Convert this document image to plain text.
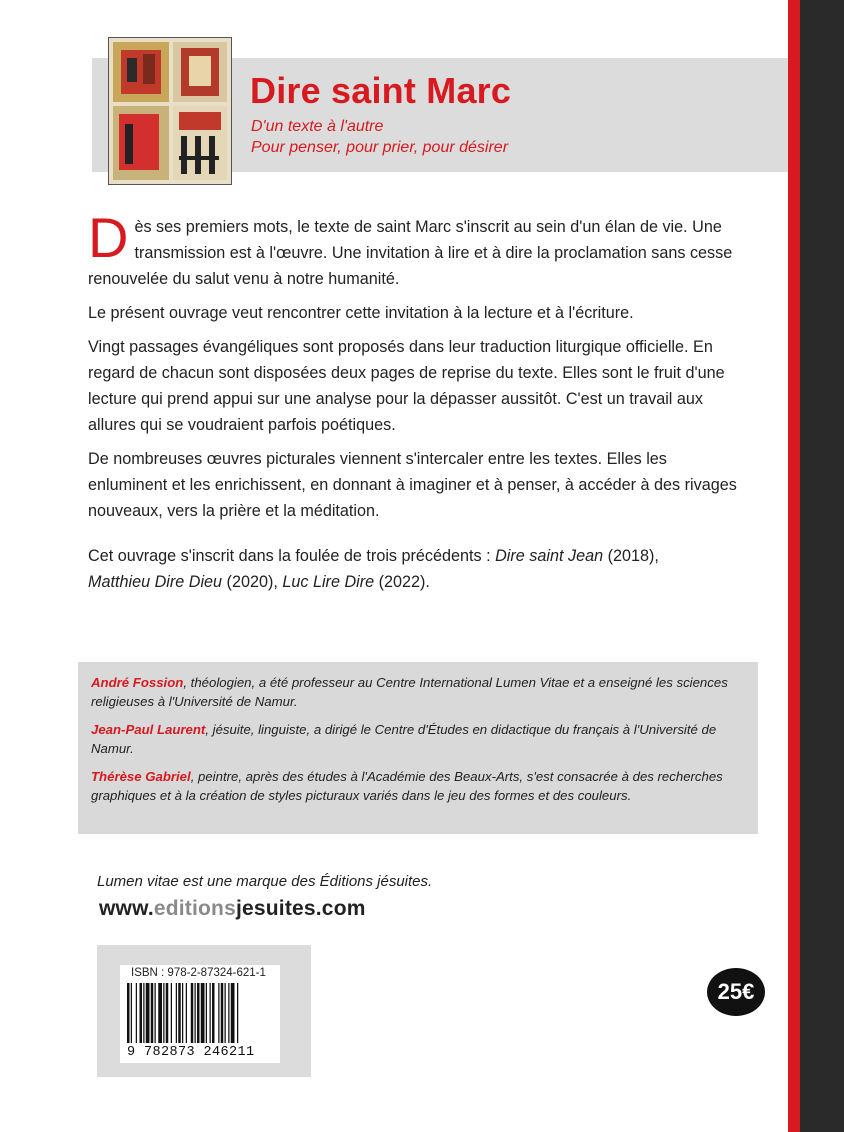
Dire saint Marc
D'un texte à l'autre
Pour penser, pour prier, pour désirer

Dès ses premiers mots, le texte de saint Marc s'inscrit au sein d'un élan de vie. Une transmission est à l'œuvre. Une invitation à lire et à dire la proclamation sans cesse renouvelée du salut venu à notre humanité.

Le présent ouvrage veut rencontrer cette invitation à la lecture et à l'écriture.

Vingt passages évangéliques sont proposés dans leur traduction liturgique officielle. En regard de chacun sont disposées deux pages de reprise du texte. Elles sont le fruit d'une lecture qui prend appui sur une analyse pour la dépasser aussitôt. C'est un travail aux allures qui se voudraient parfois poétiques.

De nombreuses œuvres picturales viennent s'intercaler entre les textes. Elles les enluminent et les enrichissent, en donnant à imaginer et à penser, à accéder à des rivages nouveaux, vers la prière et la méditation.

Cet ouvrage s'inscrit dans la foulée de trois précédents : Dire saint Jean (2018),
Matthieu Dire Dieu (2020), Luc Lire Dire (2022).

André Fossion, théologien, a été professeur au Centre International Lumen Vitae et a enseigné les sciences religieuses à l'Université de Namur.

Jean-Paul Laurent, jésuite, linguiste, a dirigé le Centre d'Études en didactique du français à l'Université de Namur.

Thérèse Gabriel, peintre, après des études à l'Académie des Beaux-Arts, s'est consacrée à des recherches graphiques et à la création de styles picturaux variés dans le jeu des formes et des couleurs.

Lumen vitae est une marque des Éditions jésuites.
www.editionsjesuites.com
ISBN : 978-2-87324-621-1
9 782873 246211
25€
